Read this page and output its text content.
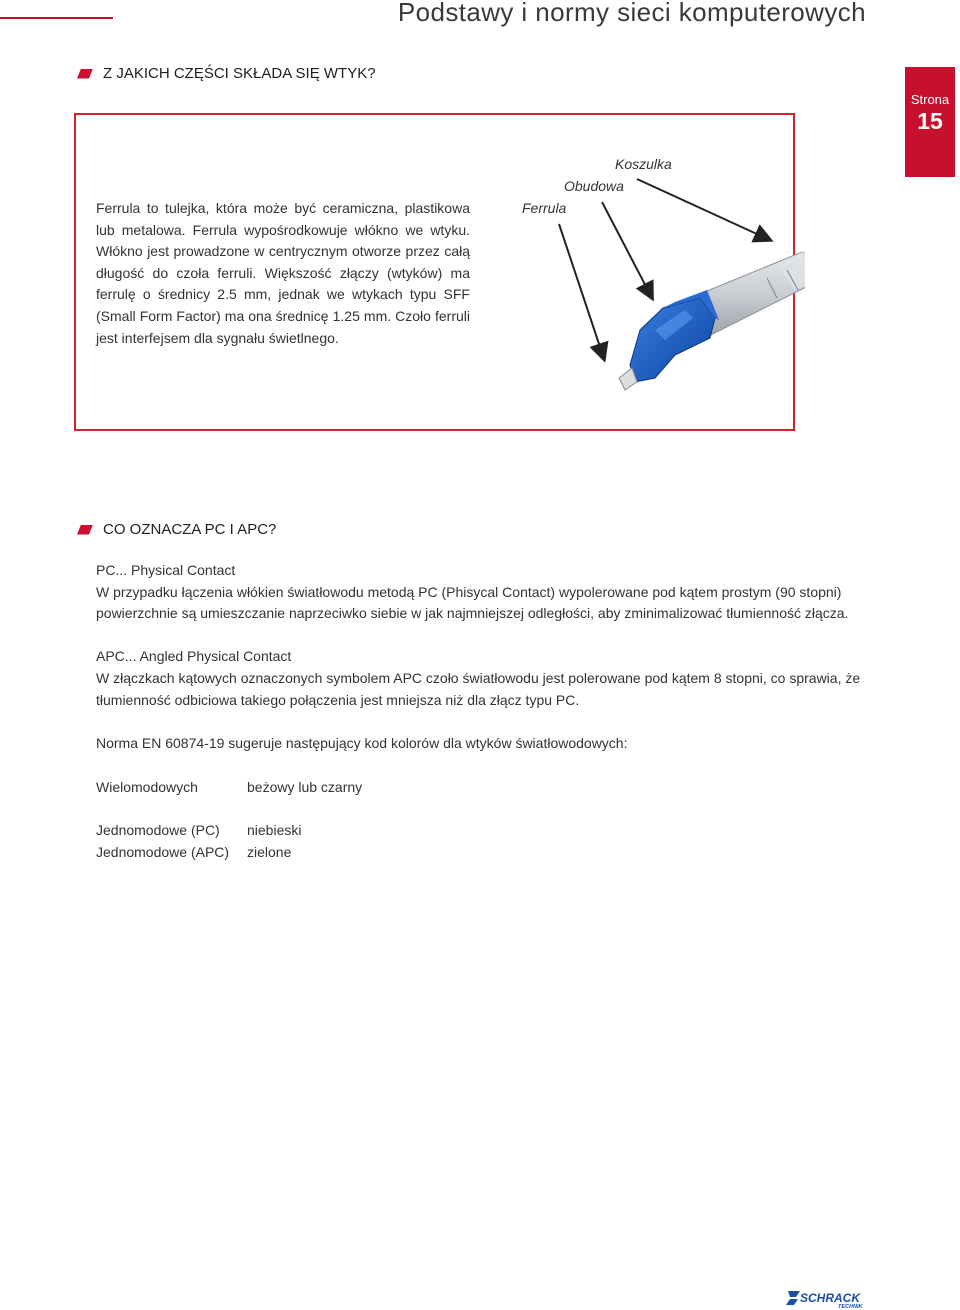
Podstawy i normy sieci komputerowych
Strona
15
Z JAKICH CZĘŚCI SKŁADA SIĘ WTYK?
Ferrula to tulejka, która może być ceramiczna, plastikowa lub metalowa. Ferrula wypośrodkowuje włókno we wtyku. Włókno jest prowadzone w centrycznym otworze przez całą długość do czoła ferruli. Większość złączy (wtyków) ma ferrulę o średnicy 2.5 mm, jednak we wtykach typu SFF (Small Form Factor) ma ona średnicę 1.25 mm. Czoło ferruli jest interfejsem dla sygnału świetlnego.
Koszulka
Obudowa
Ferrula
CO OZNACZA PC I APC?
PC... Physical Contact
W przypadku łączenia włókien światłowodu metodą PC (Phisycal Contact) wypolerowane pod kątem prostym (90 stopni) powierzchnie są umieszczanie naprzeciwko siebie w jak najmniejszej odległości, aby zminimalizować tłumienność złącza.
APC... Angled Physical Contact
W złączkach kątowych oznaczonych symbolem APC czoło światłowodu jest polerowane pod kątem 8 stopni, co sprawia, że tłumienność odbiciowa takiego połączenia jest mniejsza niż dla złącz typu PC.
Norma EN 60874-19 sugeruje następujący kod kolorów dla wtyków światłowodowych:
Wielomodowych	beżowy lub czarny
Jednomodowe (PC)	niebieski
Jednomodowe (APC)	zielone
SCHRACK
TECHNIK
